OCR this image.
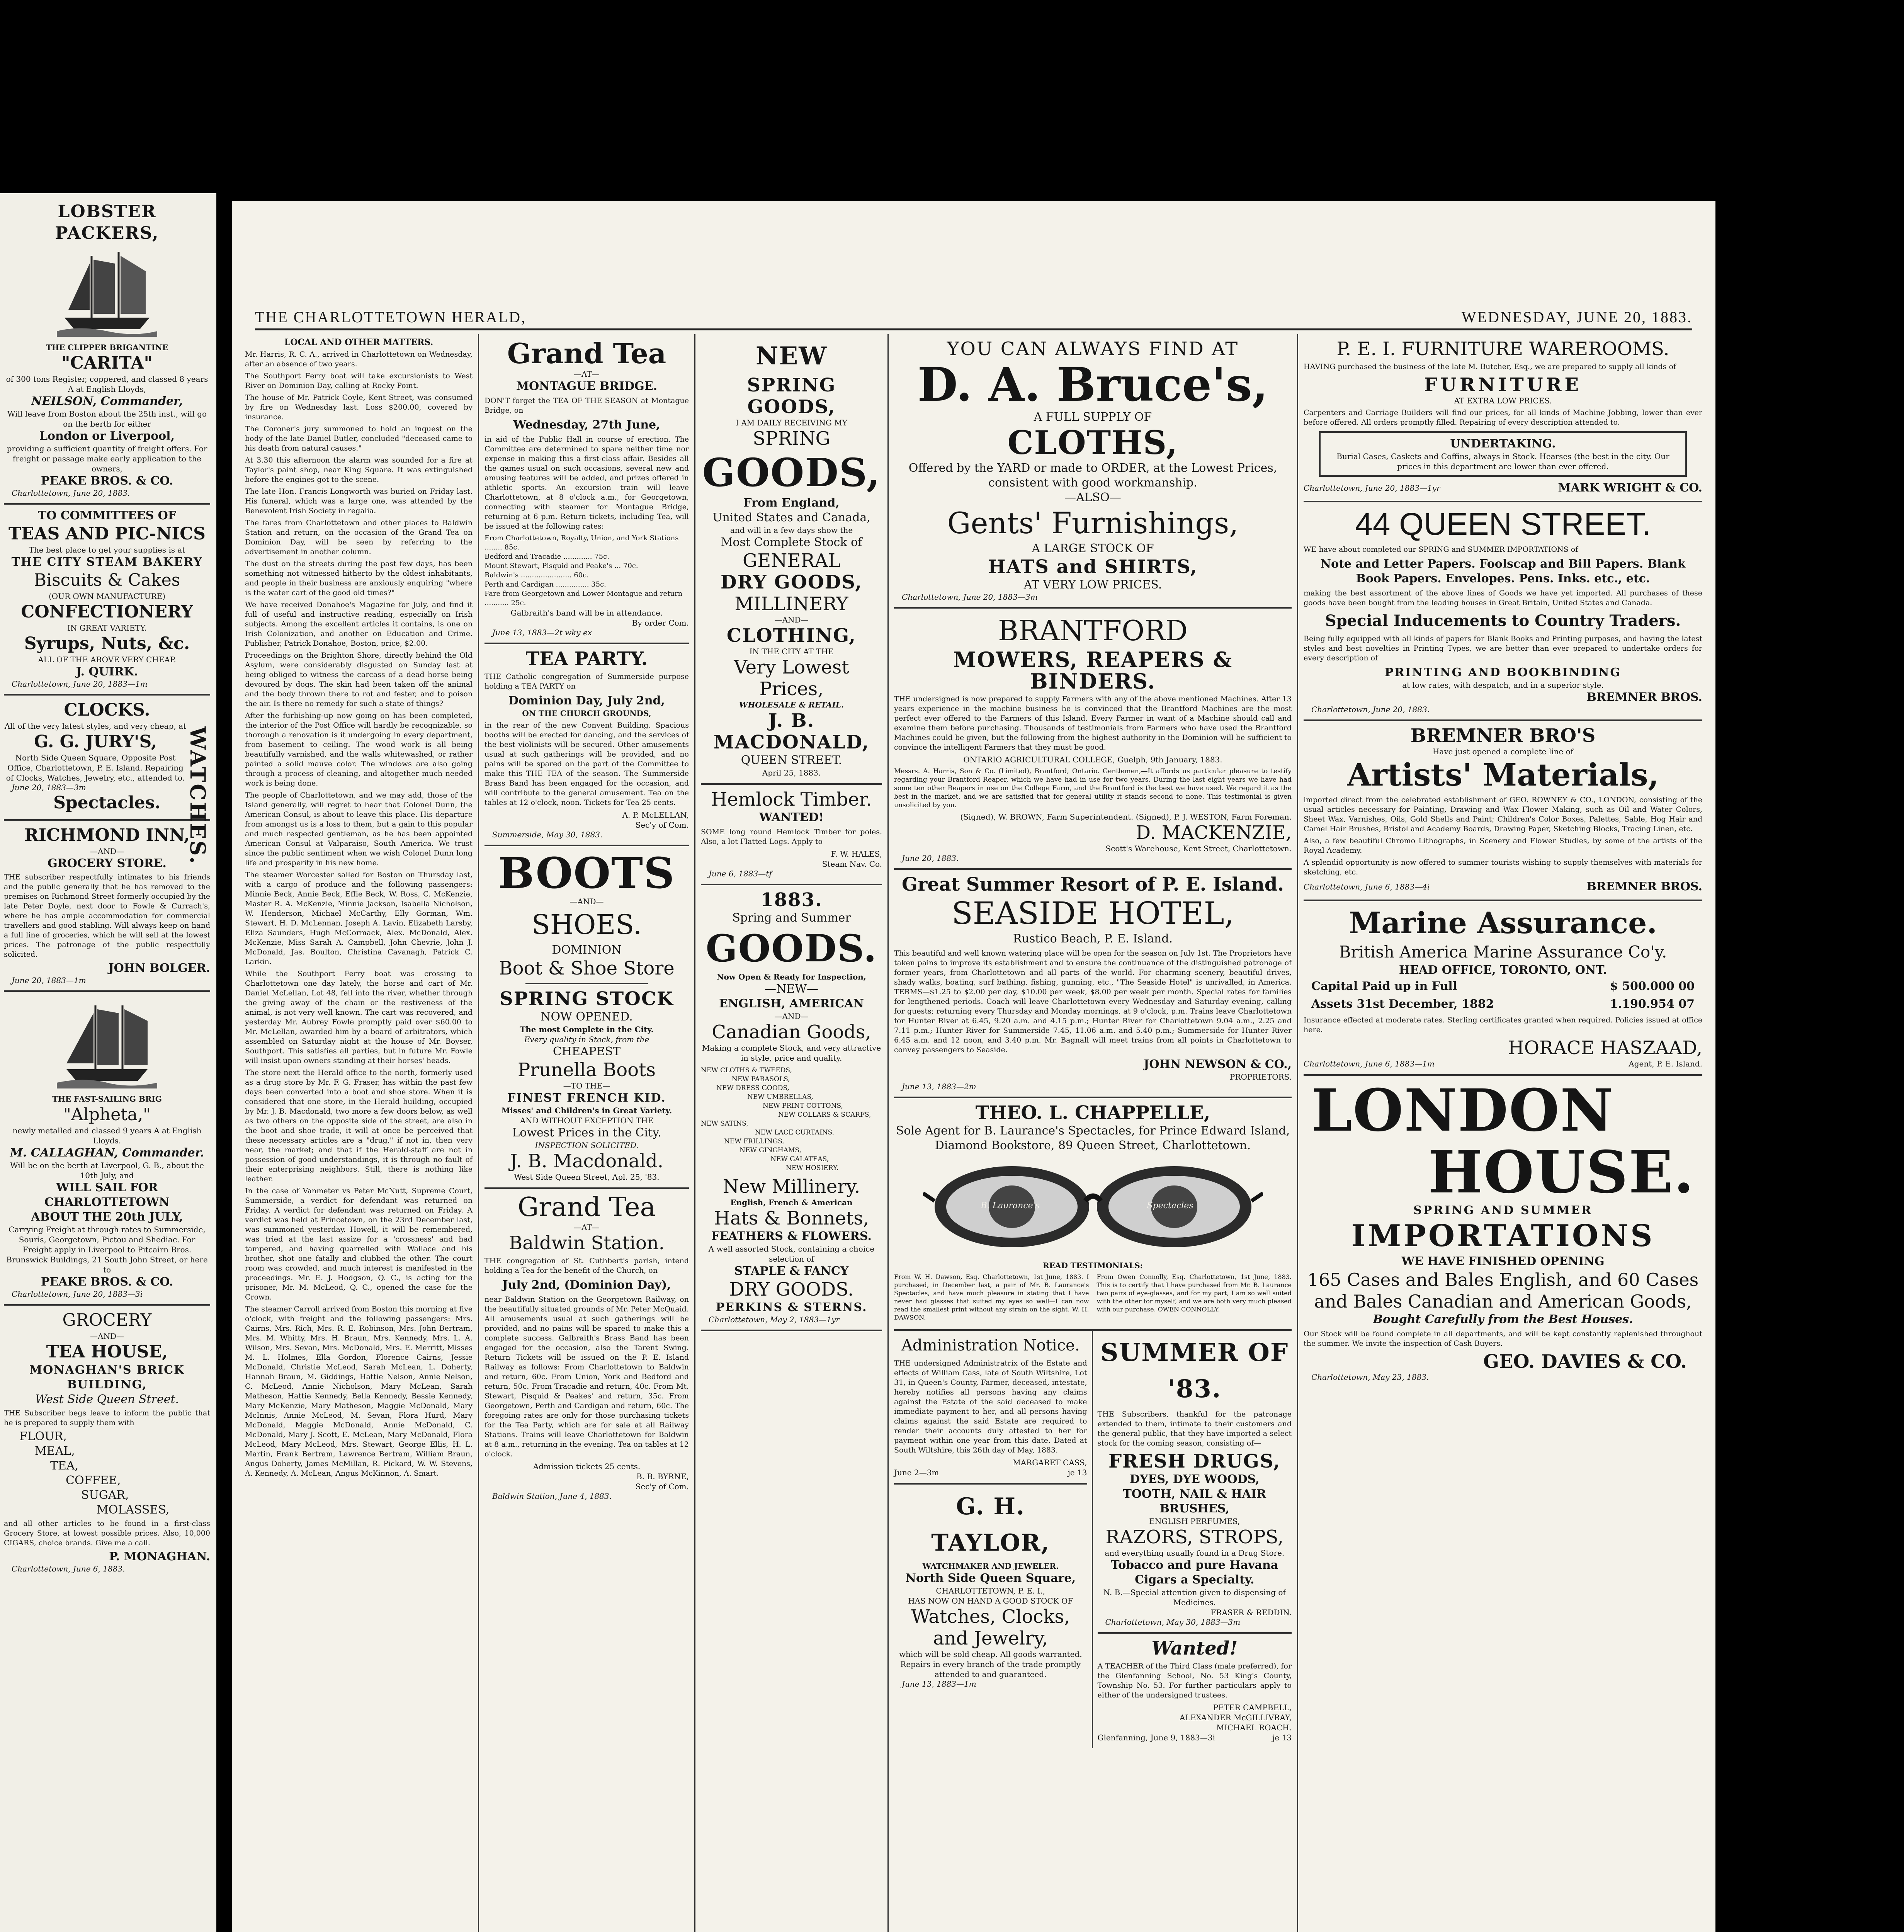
LOBSTER PACKERS,
THE CLIPPER BRIGANTINE
"CARITA"
of 300 tons Register, coppered, and classed 8 years A at English Lloyds,
NEILSON, Commander,
Will leave from Boston about the 25th inst., will go on the berth for either
London or Liverpool,
providing a sufficient quantity of freight offers. For freight or passage make early application to the owners,
PEAKE BROS. & CO.
Charlottetown, June 20, 1883.
TO COMMITTEES OF
TEAS AND PIC-NICS
The best place to get your supplies is at
THE CITY STEAM BAKERY
Biscuits & Cakes
(OUR OWN MANUFACTURE)
CONFECTIONERY
IN GREAT VARIETY.
Syrups, Nuts, &c.
ALL OF THE ABOVE VERY CHEAP.
J. QUIRK.
Charlottetown, June 20, 1883—1m
CLOCKS.
All of the very latest styles, and very cheap, at
G. G. JURY'S,
North Side Queen Square, Opposite Post Office, Charlottetown, P. E. Island. Repairing of Clocks, Watches, Jewelry, etc., attended to.
June 20, 1883—3m
Spectacles.	WATCHES.
RICHMOND INN,
—AND—
GROCERY STORE.

THE subscriber respectfully intimates to his friends and the public generally that he has removed to the premises on Richmond Street formerly occupied by the late Peter Doyle, next door to Fowle & Currach's, where he has ample accommodation for commercial travellers and good stabling. Will always keep on hand a full line of groceries, which he will sell at the lowest prices. The patronage of the public respectfully solicited.

JOHN BOLGER.
June 20, 1883—1m
THE FAST-SAILING BRIG
"Alpheta,"
newly metalled and classed 9 years A at English Lloyds.
M. CALLAGHAN, Commander.
Will be on the berth at Liverpool, G. B., about the 10th July, and
WILL SAIL FOR CHARLOTTETOWN
ABOUT THE 20th JULY,
Carrying Freight at through rates to Summerside, Souris, Georgetown, Pictou and Shediac. For Freight apply in Liverpool to Pitcairn Bros. Brunswick Buildings, 21 South John Street, or here to
PEAKE BROS. & CO.
Charlottetown, June 20, 1883—3i
GROCERY
—AND—
TEA HOUSE,
MONAGHAN'S BRICK BUILDING,
West Side Queen Street.

THE Subscriber begs leave to inform the public that he is prepared to supply them with

FLOUR,
MEAL,
TEA,
COFFEE,
SUGAR,
MOLASSES,

and all other articles to be found in a first-class Grocery Store, at lowest possible prices. Also, 10,000 CIGARS, choice brands. Give me a call.

P. MONAGHAN.
Charlottetown, June 6, 1883.
THE CHARLOTTETOWN HERALD,	WEDNESDAY, JUNE 20, 1883.
LOCAL AND OTHER MATTERS.

Mr. Harris, R. C. A., arrived in Charlottetown on Wednesday, after an absence of two years.

The Southport Ferry boat will take excursionists to West River on Dominion Day, calling at Rocky Point.

The house of Mr. Patrick Coyle, Kent Street, was consumed by fire on Wednesday last. Loss $200.00, covered by insurance.

The Coroner's jury summoned to hold an inquest on the body of the late Daniel Butler, concluded "deceased came to his death from natural causes."

At 3.30 this afternoon the alarm was sounded for a fire at Taylor's paint shop, near King Square. It was extinguished before the engines got to the scene.

The late Hon. Francis Longworth was buried on Friday last. His funeral, which was a large one, was attended by the Benevolent Irish Society in regalia.

The fares from Charlottetown and other places to Baldwin Station and return, on the occasion of the Grand Tea on Dominion Day, will be seen by referring to the advertisement in another column.

The dust on the streets during the past few days, has been something not witnessed hitherto by the oldest inhabitants, and people in their business are anxiously enquiring "where is the water cart of the good old times?"

We have received Donahoe's Magazine for July, and find it full of useful and instructive reading, especially on Irish subjects. Among the excellent articles it contains, is one on Irish Colonization, and another on Education and Crime. Publisher, Patrick Donahoe, Boston, price, $2.00.

Proceedings on the Brighton Shore, directly behind the Old Asylum, were considerably disgusted on Sunday last at being obliged to witness the carcass of a dead horse being devoured by dogs. The skin had been taken off the animal and the body thrown there to rot and fester, and to poison the air. Is there no remedy for such a state of things?

After the furbishing-up now going on has been completed, the interior of the Post Office will hardly be recognizable, so thorough a renovation is it undergoing in every department, from basement to ceiling. The wood work is all being beautifully varnished, and the walls whitewashed, or rather painted a solid mauve color. The windows are also going through a process of cleaning, and altogether much needed work is being done.

The people of Charlottetown, and we may add, those of the Island generally, will regret to hear that Colonel Dunn, the American Consul, is about to leave this place. His departure from amongst us is a loss to them, but a gain to this popular and much respected gentleman, as he has been appointed American Consul at Valparaiso, South America. We trust since the public sentiment when we wish Colonel Dunn long life and prosperity in his new home.

The steamer Worcester sailed for Boston on Thursday last, with a cargo of produce and the following passengers: Minnie Beck, Annie Beck, Effie Beck, W. Ross, C. McKenzie, Master R. A. McKenzie, Minnie Jackson, Isabella Nicholson, W. Henderson, Michael McCarthy, Elly Gorman, Wm. Stewart, H. D. McLennan, Joseph A. Lavin, Elizabeth Larsby, Eliza Saunders, Hugh McCormack, Alex. McDonald, Alex. McKenzie, Miss Sarah A. Campbell, John Chevrie, John J. McDonald, Jas. Boulton, Christina Cavanagh, Patrick C. Larkin.

While the Southport Ferry boat was crossing to Charlottetown one day lately, the horse and cart of Mr. Daniel McLellan, Lot 48, fell into the river, whether through the giving away of the chain or the restiveness of the animal, is not very well known. The cart was recovered, and yesterday Mr. Aubrey Fowle promptly paid over $60.00 to Mr. McLellan, awarded him by a board of arbitrators, which assembled on Saturday night at the house of Mr. Boyser, Southport. This satisfies all parties, but in future Mr. Fowle will insist upon owners standing at their horses' heads.

The store next the Herald office to the north, formerly used as a drug store by Mr. F. G. Fraser, has within the past few days been converted into a boot and shoe store. When it is considered that one store, in the Herald building, occupied by Mr. J. B. Macdonald, two more a few doors below, as well as two others on the opposite side of the street, are also in the boot and shoe trade, it will at once be perceived that these necessary articles are a "drug," if not in, then very near, the market; and that if the Herald-staff are not in possession of good understandings, it is through no fault of their enterprising neighbors. Still, there is nothing like leather.

In the case of Vanmeter vs Peter McNutt, Supreme Court, Summerside, a verdict for defendant was returned on Friday. A verdict for defendant was returned on Friday. A verdict was held at Princetown, on the 23rd December last, was summoned yesterday. Howell, it will be remembered, was tried at the last assize for a 'crossness' and had tampered, and having quarrelled with Wallace and his brother, shot one fatally and clubbed the other. The court room was crowded, and much interest is manifested in the proceedings. Mr. E. J. Hodgson, Q. C., is acting for the prisoner, Mr. M. McLeod, Q. C., opened the case for the Crown.

The steamer Carroll arrived from Boston this morning at five o'clock, with freight and the following passengers: Mrs. Cairns, Mrs. Rich, Mrs. R. E. Robinson, Mrs. John Bertram, Mrs. M. Whitty, Mrs. H. Braun, Mrs. Kennedy, Mrs. L. A. Wilson, Mrs. Sevan, Mrs. McDonald, Mrs. E. Merritt, Misses M. L. Holmes, Ella Gordon, Florence Cairns, Jessie McDonald, Christie McLeod, Sarah McLean, L. Doherty, Hannah Braun, M. Giddings, Hattie Nelson, Annie Nelson, C. McLeod, Annie Nicholson, Mary McLean, Sarah Matheson, Hattie Kennedy, Bella Kennedy, Bessie Kennedy, Mary McKenzie, Mary Matheson, Maggie McDonald, Mary McInnis, Annie McLeod, M. Sevan, Flora Hurd, Mary McDonald, Maggie McDonald, Annie McDonald, C. McDonald, Mary J. Scott, E. McLean, Mary McDonald, Flora McLeod, Mary McLeod, Mrs. Stewart, George Ellis, H. L. Martin, Frank Bertram, Lawrence Bertram, William Braun, Angus Doherty, James McMillan, R. Pickard, W. W. Stevens, A. Kennedy, A. McLean, Angus McKinnon, A. Smart.

Grand Tea
—AT—
MONTAGUE BRIDGE.

DON'T forget the TEA OF THE SEASON at Montague Bridge, on

Wednesday, 27th June,

in aid of the Public Hall in course of erection. The Committee are determined to spare neither time nor expense in making this a first-class affair. Besides all the games usual on such occasions, several new and amusing features will be added, and prizes offered in athletic sports. An excursion train will leave Charlottetown, at 8 o'clock a.m., for Georgetown, connecting with steamer for Montague Bridge, returning at 6 p.m. Return tickets, including Tea, will be issued at the following rates:

From Charlottetown, Royalty, Union, and York Stations ........ 85c.
Bedford and Tracadie ............. 75c.
Mount Stewart, Pisquid and Peake's ... 70c.
Baldwin's ....................... 60c.
Perth and Cardigan ............... 35c.
Fare from Georgetown and Lower Montague and return ........... 25c.
Galbraith's band will be in attendance.
By order Com.
June 13, 1883—2t wky ex
TEA PARTY.

THE Catholic congregation of Summerside purpose holding a TEA PARTY on

Dominion Day, July 2nd,
ON THE CHURCH GROUNDS,

in the rear of the new Convent Building. Spacious booths will be erected for dancing, and the services of the best violinists will be secured. Other amusements usual at such gatherings will be provided, and no pains will be spared on the part of the Committee to make this THE TEA of the season. The Summerside Brass Band has been engaged for the occasion, and will contribute to the general amusement. Tea on the tables at 12 o'clock, noon. Tickets for Tea 25 cents.

A. P. McLELLAN,
Sec'y of Com.
Summerside, May 30, 1883.
BOOTS
—AND—
SHOES.
DOMINION
Boot & Shoe Store
SPRING STOCK
NOW OPENED.
The most Complete in the City.
Every quality in Stock, from the
CHEAPEST
Prunella Boots
—TO THE—
FINEST FRENCH KID.
Misses' and Children's in Great Variety.
AND WITHOUT EXCEPTION THE
Lowest Prices in the City.
INSPECTION SOLICITED.
J. B. Macdonald.
West Side Queen Street, Apl. 25, '83.
Grand Tea
—AT—
Baldwin Station.

THE congregation of St. Cuthbert's parish, intend holding a Tea for the benefit of the Church, on

July 2nd, (Dominion Day),

near Baldwin Station on the Georgetown Railway, on the beautifully situated grounds of Mr. Peter McQuaid. All amusements usual at such gatherings will be provided, and no pains will be spared to make this a complete success. Galbraith's Brass Band has been engaged for the occasion, also the Tarent Swing. Return Tickets will be issued on the P. E. Island Railway as follows: From Charlottetown to Baldwin and return, 60c. From Union, York and Bedford and return, 50c. From Tracadie and return, 40c. From Mt. Stewart, Pisquid & Peakes' and return, 35c. From Georgetown, Perth and Cardigan and return, 60c. The foregoing rates are only for those purchasing tickets for the Tea Party, which are for sale at all Railway Stations. Trains will leave Charlottetown for Baldwin at 8 a.m., returning in the evening. Tea on tables at 12 o'clock.

Admission tickets 25 cents.
B. B. BYRNE,
Sec'y of Com.
Baldwin Station, June 4, 1883.
NEW
SPRING GOODS,
I AM DAILY RECEIVING MY
SPRING
GOODS,
From England,
United States and Canada,
and will in a few days show the
Most Complete Stock of
GENERAL
DRY GOODS,
MILLINERY
—AND—
CLOTHING,
IN THE CITY AT THE
Very Lowest Prices,
WHOLESALE & RETAIL.
J. B. MACDONALD,
QUEEN STREET.
April 25, 1883.
Hemlock Timber.
WANTED!

SOME long round Hemlock Timber for poles. Also, a lot Flatted Logs. Apply to

F. W. HALES,
Steam Nav. Co.
June 6, 1883—tf
1883.
Spring and Summer
GOODS.
Now Open & Ready for Inspection,
—NEW—
ENGLISH, AMERICAN
—AND—
Canadian Goods,
Making a complete Stock, and very attractive in style, price and quality.
NEW CLOTHS & TWEEDS,
NEW PARASOLS,
NEW DRESS GOODS,
NEW UMBRELLAS,
NEW PRINT COTTONS,
NEW COLLARS & SCARFS,
NEW SATINS,
NEW LACE CURTAINS,
NEW FRILLINGS,
NEW GINGHAMS,
NEW GALATEAS,
NEW HOSIERY.
New Millinery.
English, French & American
Hats & Bonnets,
FEATHERS & FLOWERS.
A well assorted Stock, containing a choice selection of
STAPLE & FANCY
DRY GOODS.
PERKINS & STERNS.
Charlottetown, May 2, 1883—1yr
YOU CAN ALWAYS FIND AT
D. A. Bruce's,
A FULL SUPPLY OF
CLOTHS,
Offered by the YARD or made to ORDER, at the Lowest Prices, consistent with good workmanship.
—ALSO—
Gents' Furnishings,
A LARGE STOCK OF
HATS and SHIRTS,
AT VERY LOW PRICES.
Charlottetown, June 20, 1883—3m
BRANTFORD
MOWERS, REAPERS & BINDERS.

THE undersigned is now prepared to supply Farmers with any of the above mentioned Machines. After 13 years experience in the machine business he is convinced that the Brantford Machines are the most perfect ever offered to the Farmers of this Island. Every Farmer in want of a Machine should call and examine them before purchasing. Thousands of testimonials from Farmers who have used the Brantford Machines could be given, but the following from the highest authority in the Dominion will be sufficient to convince the intelligent Farmers that they must be good.

ONTARIO AGRICULTURAL COLLEGE, Guelph, 9th January, 1883.

Messrs. A. Harris, Son & Co. (Limited), Brantford, Ontario. Gentlemen,—It affords us particular pleasure to testify regarding your Brantford Reaper, which we have had in use for two years. During the last eight years we have had some ten other Reapers in use on the College Farm, and the Brantford is the best we have used. We regard it as the best in the market, and we are satisfied that for general utility it stands second to none. This testimonial is given unsolicited by you.

(Signed), W. BROWN, Farm Superintendent. (Signed), P. J. WESTON, Farm Foreman.
D. MACKENZIE,
Scott's Warehouse, Kent Street, Charlottetown.
June 20, 1883.
Great Summer Resort of P. E. Island.
SEASIDE HOTEL,
Rustico Beach, P. E. Island.

This beautiful and well known watering place will be open for the season on July 1st. The Proprietors have taken pains to improve its establishment and to ensure the continuance of the distinguished patronage of former years, from Charlottetown and all parts of the world. For charming scenery, beautiful drives, shady walks, boating, surf bathing, fishing, gunning, etc., "The Seaside Hotel" is unrivalled, in America. TERMS—$1.25 to $2.00 per day, $10.00 per week, $8.00 per week per month. Special rates for families for lengthened periods. Coach will leave Charlottetown every Wednesday and Saturday evening, calling for guests; returning every Thursday and Monday mornings, at 9 o'clock, p.m. Trains leave Charlottetown for Hunter River at 6.45, 9.20 a.m. and 4.15 p.m.; Hunter River for Charlottetown 9.04 a.m., 2.25 and 7.11 p.m.; Hunter River for Summerside 7.45, 11.06 a.m. and 5.40 p.m.; Summerside for Hunter River 6.45 a.m. and 12 noon, and 3.40 p.m. Mr. Bagnall will meet trains from all points in Charlottetown to convey passengers to Seaside.

JOHN NEWSON & CO.,
PROPRIETORS.
June 13, 1883—2m
THEO. L. CHAPPELLE,
Sole Agent for B. Laurance's Spectacles, for Prince Edward Island, Diamond Bookstore, 89 Queen Street, Charlottetown.
B. Laurance's	Spectacles
READ TESTIMONIALS:

From W. H. Dawson, Esq. Charlottetown, 1st June, 1883. I purchased, in December last, a pair of Mr. B. Laurance's Spectacles, and have much pleasure in stating that I have never had glasses that suited my eyes so well—I can now read the smallest print without any strain on the sight. W. H. DAWSON.

From Owen Connolly, Esq. Charlottetown, 1st June, 1883. This is to certify that I have purchased from Mr. B. Laurance two pairs of eye-glasses, and for my part, I am so well suited with the other for myself, and we are both very much pleased with our purchase. OWEN CONNOLLY.

Administration Notice.

THE undersigned Administratrix of the Estate and effects of William Cass, late of South Wiltshire, Lot 31, in Queen's County, Farmer, deceased, intestate, hereby notifies all persons having any claims against the Estate of the said deceased to make immediate payment to her, and all persons having claims against the said Estate are required to render their accounts duly attested to her for payment within one year from this date. Dated at South Wiltshire, this 26th day of May, 1883.

MARGARET CASS,
June 2—3m	je 13
G. H. TAYLOR,
WATCHMAKER AND JEWELER.
North Side Queen Square,
CHARLOTTETOWN, P. E. I.,
HAS NOW ON HAND A GOOD STOCK OF
Watches, Clocks, and Jewelry,
which will be sold cheap. All goods warranted.
Repairs in every branch of the trade promptly attended to and guaranteed.
June 13, 1883—1m
SUMMER OF '83.

THE Subscribers, thankful for the patronage extended to them, intimate to their customers and the general public, that they have imported a select stock for the coming season, consisting of—

FRESH DRUGS,
DYES, DYE WOODS,
TOOTH, NAIL & HAIR BRUSHES,
ENGLISH PERFUMES,
RAZORS, STROPS,
and everything usually found in a Drug Store.
Tobacco and pure Havana Cigars a Specialty.
N. B.—Special attention given to dispensing of Medicines.
FRASER & REDDIN.
Charlottetown, May 30, 1883—3m
Wanted!

A TEACHER of the Third Class (male preferred), for the Glenfanning School, No. 53 King's County, Township No. 53. For further particulars apply to either of the undersigned trustees.

PETER CAMPBELL,
ALEXANDER McGILLIVRAY,
MICHAEL ROACH.
Glenfanning, June 9, 1883—3i	je 13
P. E. I. FURNITURE WAREROOMS.

HAVING purchased the business of the late M. Butcher, Esq., we are prepared to supply all kinds of

FURNITURE
AT EXTRA LOW PRICES.

Carpenters and Carriage Builders will find our prices, for all kinds of Machine Jobbing, lower than ever before offered. All orders promptly filled. Repairing of every description attended to.

UNDERTAKING.
Burial Cases, Caskets and Coffins, always in Stock. Hearses (the best in the city. Our prices in this department are lower than ever offered.
Charlottetown, June 20, 1883—1yr	MARK WRIGHT & CO.
44 QUEEN STREET.

WE have about completed our SPRING and SUMMER IMPORTATIONS of

Note and Letter Papers. Foolscap and Bill Papers. Blank Book Papers. Envelopes. Pens. Inks. etc., etc.

making the best assortment of the above lines of Goods we have yet imported. All purchases of these goods have been bought from the leading houses in Great Britain, United States and Canada.

Special Inducements to Country Traders.

Being fully equipped with all kinds of papers for Blank Books and Printing purposes, and having the latest styles and best novelties in Printing Types, we are better than ever prepared to undertake orders for every description of

PRINTING AND BOOKBINDING
at low rates, with despatch, and in a superior style.
BREMNER BROS.
Charlottetown, June 20, 1883.
BREMNER BRO'S
Have just opened a complete line of
Artists' Materials,

imported direct from the celebrated establishment of GEO. ROWNEY & CO., LONDON, consisting of the usual articles necessary for Painting, Drawing and Wax Flower Making, such as Oil and Water Colors, Sheet Wax, Varnishes, Oils, Gold Shells and Paint; Children's Color Boxes, Palettes, Sable, Hog Hair and Camel Hair Brushes, Bristol and Academy Boards, Drawing Paper, Sketching Blocks, Tracing Linen, etc.

Also, a few beautiful Chromo Lithographs, in Scenery and Flower Studies, by some of the artists of the Royal Academy.

A splendid opportunity is now offered to summer tourists wishing to supply themselves with materials for sketching, etc.

Charlottetown, June 6, 1883—4i	BREMNER BROS.
Marine Assurance.
British America Marine Assurance Co'y.
HEAD OFFICE, TORONTO, ONT.
Capital Paid up in Full	$ 500.000 00
Assets 31st December, 1882	1.190.954 07

Insurance effected at moderate rates. Sterling certificates granted when required. Policies issued at office here.

HORACE HASZAAD,
Charlottetown, June 6, 1883—1m	Agent, P. E. Island.
LONDON
HOUSE.
SPRING AND SUMMER
IMPORTATIONS
WE HAVE FINISHED OPENING
165 Cases and Bales English, and 60 Cases and Bales Canadian and American Goods,
Bought Carefully from the Best Houses.

Our Stock will be found complete in all departments, and will be kept constantly replenished throughout the summer. We invite the inspection of Cash Buyers.

GEO. DAVIES & CO.
Charlottetown, May 23, 1883.
